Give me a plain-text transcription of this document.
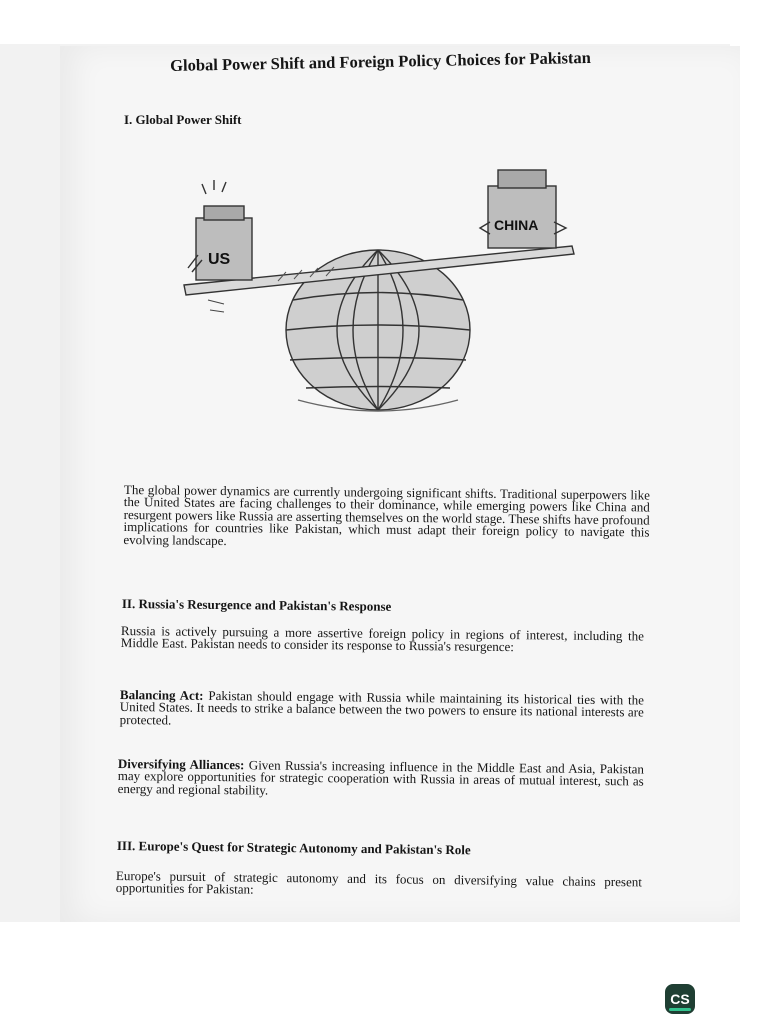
Global Power Shift and Foreign Policy Choices for Pakistan
I. Global Power Shift
US
CHINA

The global power dynamics are currently undergoing significant shifts. Traditional superpowers like the United States are facing challenges to their dominance, while emerging powers like China and resurgent powers like Russia are asserting themselves on the world stage. These shifts have profound implications for countries like Pakistan, which must adapt their foreign policy to navigate this evolving landscape.

II. Russia's Resurgence and Pakistan's Response

Russia is actively pursuing a more assertive foreign policy in regions of interest, including the Middle East. Pakistan needs to consider its response to Russia's resurgence:

Balancing Act: Pakistan should engage with Russia while maintaining its historical ties with the United States. It needs to strike a balance between the two powers to ensure its national interests are protected.

Diversifying Alliances: Given Russia's increasing influence in the Middle East and Asia, Pakistan may explore opportunities for strategic cooperation with Russia in areas of mutual interest, such as energy and regional stability.

III. Europe's Quest for Strategic Autonomy and Pakistan's Role

Europe's pursuit of strategic autonomy and its focus on diversifying value chains present opportunities for Pakistan:

CS
